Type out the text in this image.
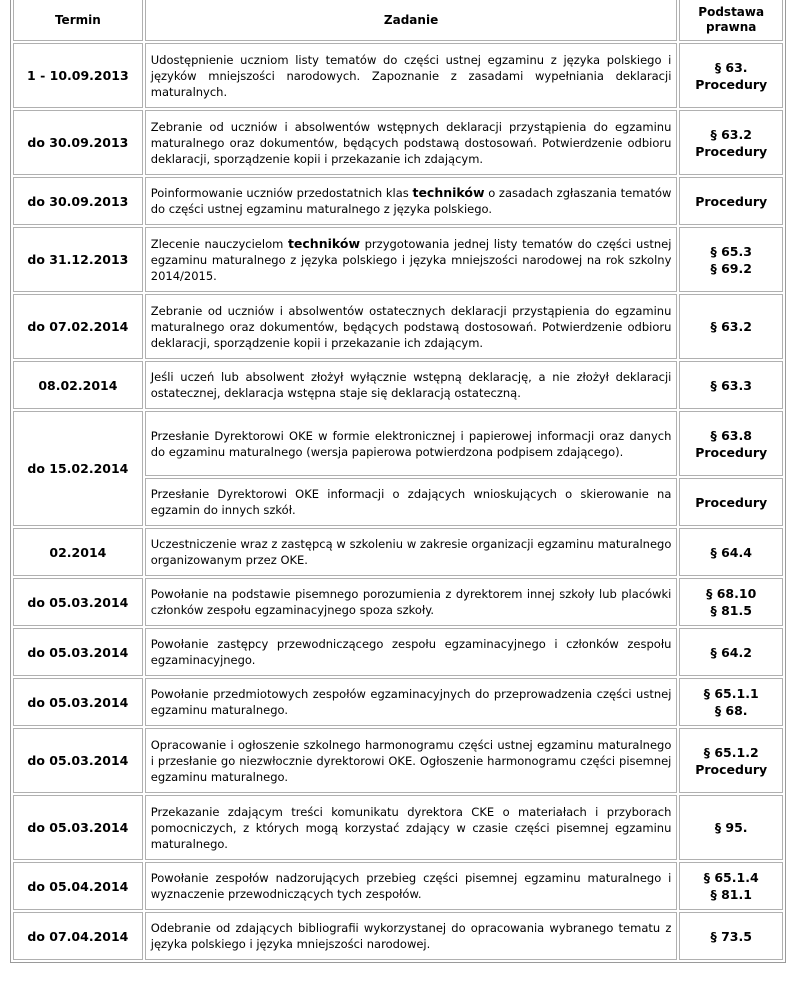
Termin	Zadanie	Podstawa
prawna
1 - 10.09.2013	Udostępnienie uczniom listy tematów do części ustnej egzaminu z języka polskiego i języków mniejszości narodowych. Zapoznanie z zasadami wypełniania deklaracji maturalnych.	§ 63.
Procedury
do 30.09.2013	Zebranie od uczniów i absolwentów wstępnych deklaracji przystąpienia do egzaminu maturalnego oraz dokumentów, będących podstawą dostosowań. Potwierdzenie odbioru deklaracji, sporządzenie kopii i przekazanie ich zdającym.	§ 63.2
Procedury
do 30.09.2013	Poinformowanie uczniów przedostatnich klas techników o zasadach zgłaszania tematów do części ustnej egzaminu maturalnego z języka polskiego.	Procedury
do 31.12.2013	Zlecenie nauczycielom techników przygotowania jednej listy tematów do części ustnej egzaminu maturalnego z języka polskiego i języka mniejszości narodowej na rok szkolny 2014/2015.	§ 65.3
§ 69.2
do 07.02.2014	Zebranie od uczniów i absolwentów ostatecznych deklaracji przystąpienia do egzaminu maturalnego oraz dokumentów, będących podstawą dostosowań. Potwierdzenie odbioru deklaracji, sporządzenie kopii i przekazanie ich zdającym.	§ 63.2
08.02.2014	Jeśli uczeń lub absolwent złożył wyłącznie wstępną deklarację, a nie złożył deklaracji ostatecznej, deklaracja wstępna staje się deklaracją ostateczną.	§ 63.3
do 15.02.2014	Przesłanie Dyrektorowi OKE w formie elektronicznej i papierowej informacji oraz danych do egzaminu maturalnego (wersja papierowa potwierdzona podpisem zdającego).	§ 63.8
Procedury
	Przesłanie Dyrektorowi OKE informacji o zdających wnioskujących o skierowanie na egzamin do innych szkół.	Procedury
02.2014	Uczestniczenie wraz z zastępcą w szkoleniu w zakresie organizacji egzaminu maturalnego organizowanym przez OKE.	§ 64.4
do 05.03.2014	Powołanie na podstawie pisemnego porozumienia z dyrektorem innej szkoły lub placówki członków zespołu egzaminacyjnego spoza szkoły.	§ 68.10
§ 81.5
do 05.03.2014	Powołanie zastępcy przewodniczącego zespołu egzaminacyjnego i członków zespołu egzaminacyjnego.	§ 64.2
do 05.03.2014	Powołanie przedmiotowych zespołów egzaminacyjnych do przeprowadzenia części ustnej egzaminu maturalnego.	§ 65.1.1
§ 68.
do 05.03.2014	Opracowanie i ogłoszenie szkolnego harmonogramu części ustnej egzaminu maturalnego i przesłanie go niezwłocznie dyrektorowi OKE. Ogłoszenie harmonogramu części pisemnej egzaminu maturalnego.	§ 65.1.2
Procedury
do 05.03.2014	Przekazanie zdającym treści komunikatu dyrektora CKE o materiałach i przyborach pomocniczych, z których mogą korzystać zdający w czasie części pisemnej egzaminu maturalnego.	§ 95.
do 05.04.2014	Powołanie zespołów nadzorujących przebieg części pisemnej egzaminu maturalnego i wyznaczenie przewodniczących tych zespołów.	§ 65.1.4
§ 81.1
do 07.04.2014	Odebranie od zdających bibliografii wykorzystanej do opracowania wybranego tematu z języka polskiego i języka mniejszości narodowej.	§ 73.5
